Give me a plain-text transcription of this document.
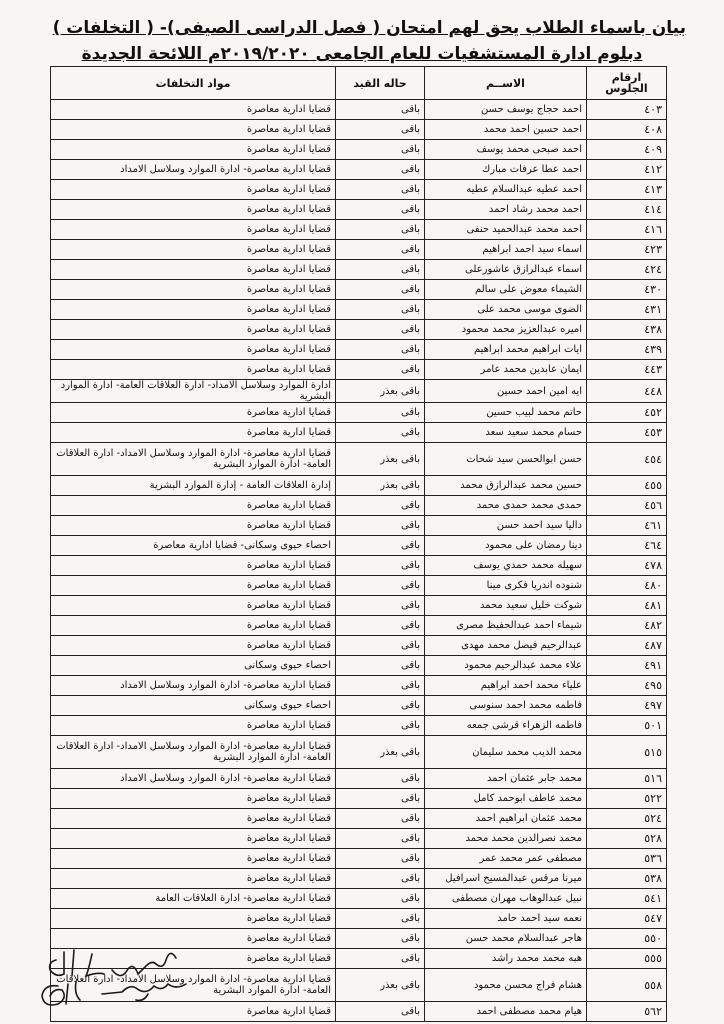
بيان باسماء الطلاب يحق لهم امتحان ( فصل الدراسى الصيفى)- ( التخلفات )
دبلوم ادارة المستشفيات للعام الجامعى ٢٠١٩/٢٠٢٠م اللائحة الجديدة
ارقام الجلوس	الاســم	حاله القيد	مواد التخلفات
٤٠٣	احمد حجاج يوسف حسن	باقى	قضايا ادارية معاصرة
٤٠٨	احمد حسين احمد محمد	باقى	قضايا ادارية معاصرة
٤٠٩	احمد صبحى محمد يوسف	باقى	قضايا ادارية معاصرة
٤١٢	احمد عطا عرفات مبارك	باقى	قضايا ادارية معاصرة- ادارة الموارد وسلاسل الامداد
٤١٣	احمد عطيه عبدالسلام عطيه	باقى	قضايا ادارية معاصرة
٤١٤	احمد محمد رشاد احمد	باقى	قضايا ادارية معاصرة
٤١٦	احمد محمد عبدالحميد حنفى	باقى	قضايا ادارية معاصرة
٤٢٣	اسماء سيد احمد ابراهيم	باقى	قضايا ادارية معاصرة
٤٢٤	اسماء عبدالرازق عاشورعلى	باقى	قضايا ادارية معاصرة
٤٣٠	الشيماء معوض على سالم	باقى	قضايا ادارية معاصرة
٤٣١	الضوى موسى محمد على	باقى	قضايا ادارية معاصرة
٤٣٨	اميره عبدالعزيز محمد محمود	باقى	قضايا ادارية معاصرة
٤٣٩	ايات ابراهيم محمد ابراهيم	باقى	قضايا ادارية معاصرة
٤٤٣	ايمان عابدين محمد عامر	باقى	قضايا ادارية معاصرة
٤٤٨	ايه امين احمد حسين	باقى بعذر	ادارة الموارد وسلاسل الامداد- ادارة العلاقات العامة- ادارة الموارد البشرية
٤٥٢	حاتم محمد لبيب حسين	باقى	قضايا ادارية معاصرة
٤٥٣	حسام محمد سعيد سعد	باقى	قضايا ادارية معاصرة
٤٥٤	حسن ابوالحسن سيد شحات	باقى بعذر	قضايا ادارية معاصرة- ادارة الموارد وسلاسل الامداد- ادارة العلاقات العامة- ادارة الموارد البشرية
٤٥٥	حسين محمد عبدالرازق محمد	باقى بعذر	إدارة العلاقات العامة - إدارة الموارد البشرية
٤٥٦	حمدى محمد حمدى محمد	باقى	قضايا ادارية معاصرة
٤٦١	داليا سيد احمد حسن	باقى	قضايا ادارية معاصرة
٤٦٤	دينا رمضان على محمود	باقى	احصاء حيوى وسكانى- قضايا ادارية معاصرة
٤٧٨	سهيله محمد حمدي يوسف	باقى	قضايا ادارية معاصرة
٤٨٠	شنوده اندريا فكرى مينا	باقى	قضايا ادارية معاصرة
٤٨١	شوكت خليل سعيد محمد	باقى	قضايا ادارية معاصرة
٤٨٢	شيماء احمد عبدالحفيظ مصرى	باقى	قضايا ادارية معاصرة
٤٨٧	عبدالرحيم فيصل محمد مهدى	باقى	قضايا ادارية معاصرة
٤٩١	علاء محمد عبدالرحيم محمود	باقى	احصاء حيوى وسكانى
٤٩٥	علياء محمد احمد ابراهيم	باقى	قضايا ادارية معاصرة- ادارة الموارد وسلاسل الامداد
٤٩٧	فاطمه محمد احمد سنوسى	باقى	احصاء حيوى وسكانى
٥٠١	فاطمه الزهراء قرشى جمعه	باقى	قضايا ادارية معاصرة
٥١٥	محمد الديب محمد سليمان	باقى بعذر	قضايا ادارية معاصرة- ادارة الموارد وسلاسل الامداد- ادارة العلاقات العامة- ادارة الموارد البشرية
٥١٦	محمد جابر عثمان احمد	باقى	قضايا ادارية معاصرة- ادارة الموارد وسلاسل الامداد
٥٢٢	محمد عاطف ابوحمد كامل	باقى	قضايا ادارية معاصرة
٥٢٤	محمد عثمان ابراهيم احمد	باقى	قضايا ادارية معاصرة
٥٢٨	محمد نصرالدين محمد محمد	باقى	قضايا ادارية معاصرة
٥٣٦	مصطفى عمر محمد عمر	باقى	قضايا ادارية معاصرة
٥٣٨	ميرنا مرقس عبدالمسيح اسرافيل	باقى	قضايا ادارية معاصرة
٥٤١	نبيل عبدالوهاب مهران مصطفى	باقى	قضايا ادارية معاصرة- ادارة العلاقات العامة
٥٤٧	نعمه سيد احمد حامد	باقى	قضايا ادارية معاصرة
٥٥٠	هاجر عبدالسلام محمد حسن	باقى	قضايا ادارية معاصرة
٥٥٥	هبه محمد محمد راشد	باقى	قضايا ادارية معاصرة
٥٥٨	هشام فراج محسن محمود	باقى بعذر	قضايا ادارية معاصرة- ادارة الموارد وسلاسل الامداد- ادارة العلاقات العامة- ادارة الموارد البشرية
٥٦٢	هيام محمد مصطفى احمد	باقى	قضايا ادارية معاصرة
